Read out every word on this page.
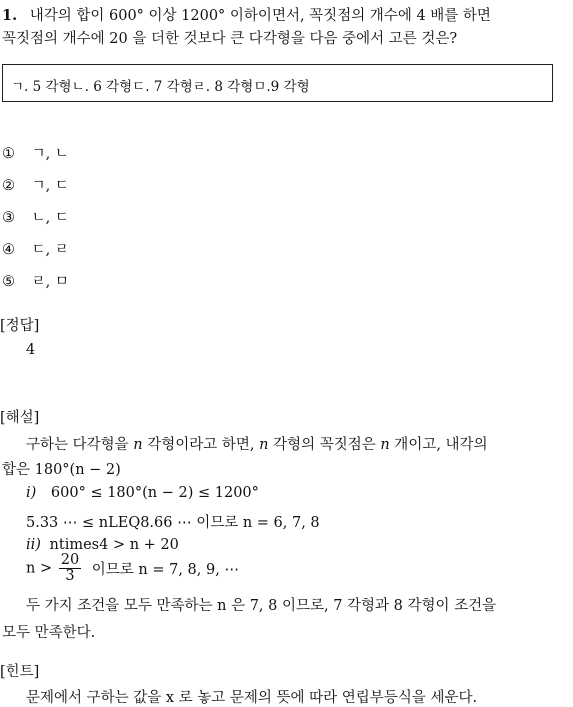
1. 내각의 합이 600° 이상 1200° 이하이면서, 꼭짓점의 개수에 4 배를 하면
꼭짓점의 개수에 20 을 더한 것보다 큰 다각형을 다음 중에서 고른 것은?
ㄱ. 5 각형ㄴ. 6 각형ㄷ. 7 각형ㄹ. 8 각형ㅁ.9 각형
① ㄱ, ㄴ
② ㄱ, ㄷ
③ ㄴ, ㄷ
④ ㄷ, ㄹ
⑤ ㄹ, ㅁ
[정답]
4
[해설]
구하는 다각형을 n 각형이라고 하면, n 각형의 꼭짓점은 n 개이고, 내각의
합은 180°(n − 2)
i) 600° ≤ 180°(n − 2) ≤ 1200°
5.33 ⋯ ≤ nLEQ8.66 ⋯ 이므로 n = 6, 7, 8
ii) ntimes4 > n + 20
$n > \frac{20}{3}$ 이므로 n = 7, 8, 9, ⋯
두 가지 조건을 모두 만족하는 n 은 7, 8 이므로, 7 각형과 8 각형이 조건을
모두 만족한다.
[힌트]
문제에서 구하는 값을 x 로 놓고 문제의 뜻에 따라 연립부등식을 세운다.
